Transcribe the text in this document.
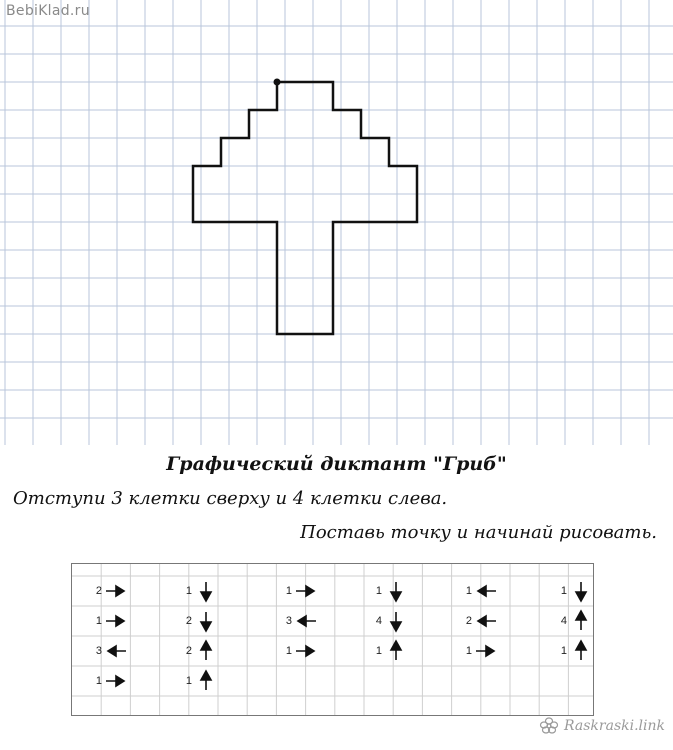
BebiKlad.ru
Графический диктант "Гриб"
Отступи 3 клетки сверху и 4 клетки слева.
Поставь точку и начинай рисовать.
2	1	1	1	1	1
1	2	3	4	2	4
3	2	1	1	1	1
1	1
Raskraski.link
